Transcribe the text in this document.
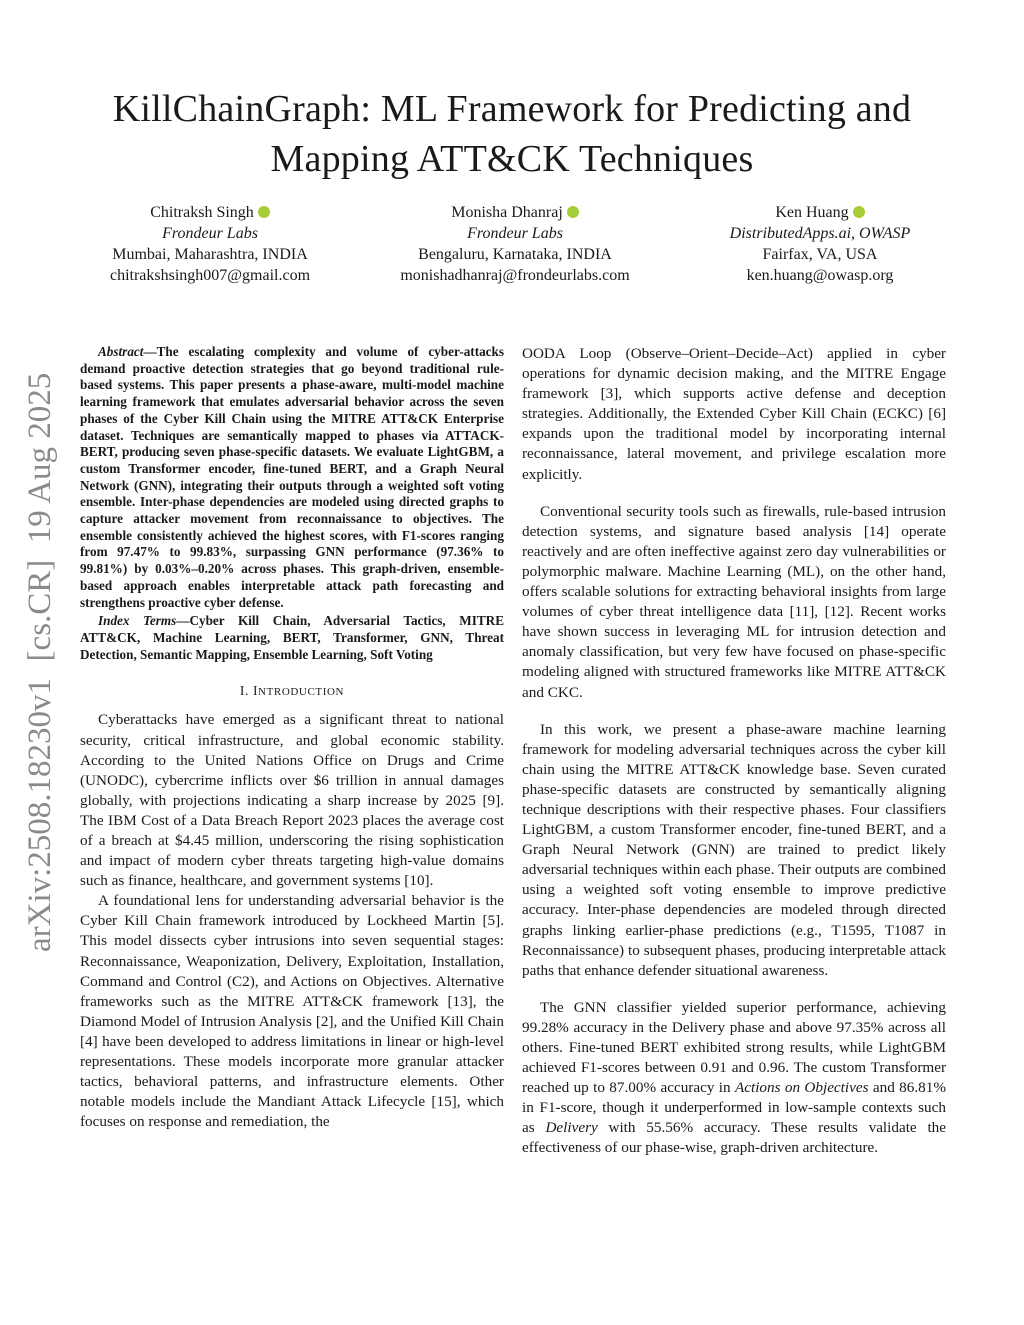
arXiv:2508.18230v1  [cs.CR]  19 Aug 2025
KillChainGraph: ML Framework for Predicting and
Mapping ATT&CK Techniques
Chitraksh Singh
Frondeur Labs
Mumbai, Maharashtra, INDIA
chitrakshsingh007@gmail.com
Monisha Dhanraj
Frondeur Labs
Bengaluru, Karnataka, INDIA
monishadhanraj@frondeurlabs.com
Ken Huang
DistributedApps.ai, OWASP
Fairfax, VA, USA
ken.huang@owasp.org
Abstract—The escalating complexity and volume of cyber-attacks demand proactive detection strategies that go beyond traditional rule-based systems. This paper presents a phase-aware, multi-model machine learning framework that emulates adversarial behavior across the seven phases of the Cyber Kill Chain using the MITRE ATT&CK Enterprise dataset. Techniques are semantically mapped to phases via ATTACK-BERT, producing seven phase-specific datasets. We evaluate LightGBM, a custom Transformer encoder, fine-tuned BERT, and a Graph Neural Network (GNN), integrating their outputs through a weighted soft voting ensemble. Inter-phase dependencies are modeled using directed graphs to capture attacker movement from reconnaissance to objectives. The ensemble consistently achieved the highest scores, with F1-scores ranging from 97.47% to 99.83%, surpassing GNN performance (97.36% to 99.81%) by 0.03%–0.20% across phases. This graph-driven, ensemble-based approach enables interpretable attack path forecasting and strengthens proactive cyber defense.
Index Terms—Cyber Kill Chain, Adversarial Tactics, MITRE ATT&CK, Machine Learning, BERT, Transformer, GNN, Threat Detection, Semantic Mapping, Ensemble Learning, Soft Voting
I. INTRODUCTION

Cyberattacks have emerged as a significant threat to national security, critical infrastructure, and global economic stability. According to the United Nations Office on Drugs and Crime (UNODC), cybercrime inflicts over $6 trillion in annual damages globally, with projections indicating a sharp increase by 2025 [9]. The IBM Cost of a Data Breach Report 2023 places the average cost of a breach at $4.45 million, underscoring the rising sophistication and impact of modern cyber threats targeting high-value domains such as finance, healthcare, and government systems [10].

A foundational lens for understanding adversarial behavior is the Cyber Kill Chain framework introduced by Lockheed Martin [5]. This model dissects cyber intrusions into seven sequential stages: Reconnaissance, Weaponization, Delivery, Exploitation, Installation, Command and Control (C2), and Actions on Objectives. Alternative frameworks such as the MITRE ATT&CK framework [13], the Diamond Model of Intrusion Analysis [2], and the Unified Kill Chain [4] have been developed to address limitations in linear or high-level representations. These models incorporate more granular attacker tactics, behavioral patterns, and infrastructure elements. Other notable models include the Mandiant Attack Lifecycle [15], which focuses on response and remediation, the

OODA Loop (Observe–Orient–Decide–Act) applied in cyber operations for dynamic decision making, and the MITRE Engage framework [3], which supports active defense and deception strategies. Additionally, the Extended Cyber Kill Chain (ECKC) [6] expands upon the traditional model by incorporating internal reconnaissance, lateral movement, and privilege escalation more explicitly.

Conventional security tools such as firewalls, rule-based intrusion detection systems, and signature based analysis [14] operate reactively and are often ineffective against zero day vulnerabilities or polymorphic malware. Machine Learning (ML), on the other hand, offers scalable solutions for extracting behavioral insights from large volumes of cyber threat intelligence data [11], [12]. Recent works have shown success in leveraging ML for intrusion detection and anomaly classification, but very few have focused on phase-specific modeling aligned with structured frameworks like MITRE ATT&CK and CKC.

In this work, we present a phase-aware machine learning framework for modeling adversarial techniques across the cyber kill chain using the MITRE ATT&CK knowledge base. Seven curated phase-specific datasets are constructed by semantically aligning technique descriptions with their respective phases. Four classifiers LightGBM, a custom Transformer encoder, fine-tuned BERT, and a Graph Neural Network (GNN) are trained to predict likely adversarial techniques within each phase. Their outputs are combined using a weighted soft voting ensemble to improve predictive accuracy. Inter-phase dependencies are modeled through directed graphs linking earlier-phase predictions (e.g., T1595, T1087 in Reconnaissance) to subsequent phases, producing interpretable attack paths that enhance defender situational awareness.

The GNN classifier yielded superior performance, achieving 99.28% accuracy in the Delivery phase and above 97.35% across all others. Fine-tuned BERT exhibited strong results, while LightGBM achieved F1-scores between 0.91 and 0.96. The custom Transformer reached up to 87.00% accuracy in Actions on Objectives and 86.81% in F1-score, though it underperformed in low-sample contexts such as Delivery with 55.56% accuracy. These results validate the effectiveness of our phase-wise, graph-driven architecture.
